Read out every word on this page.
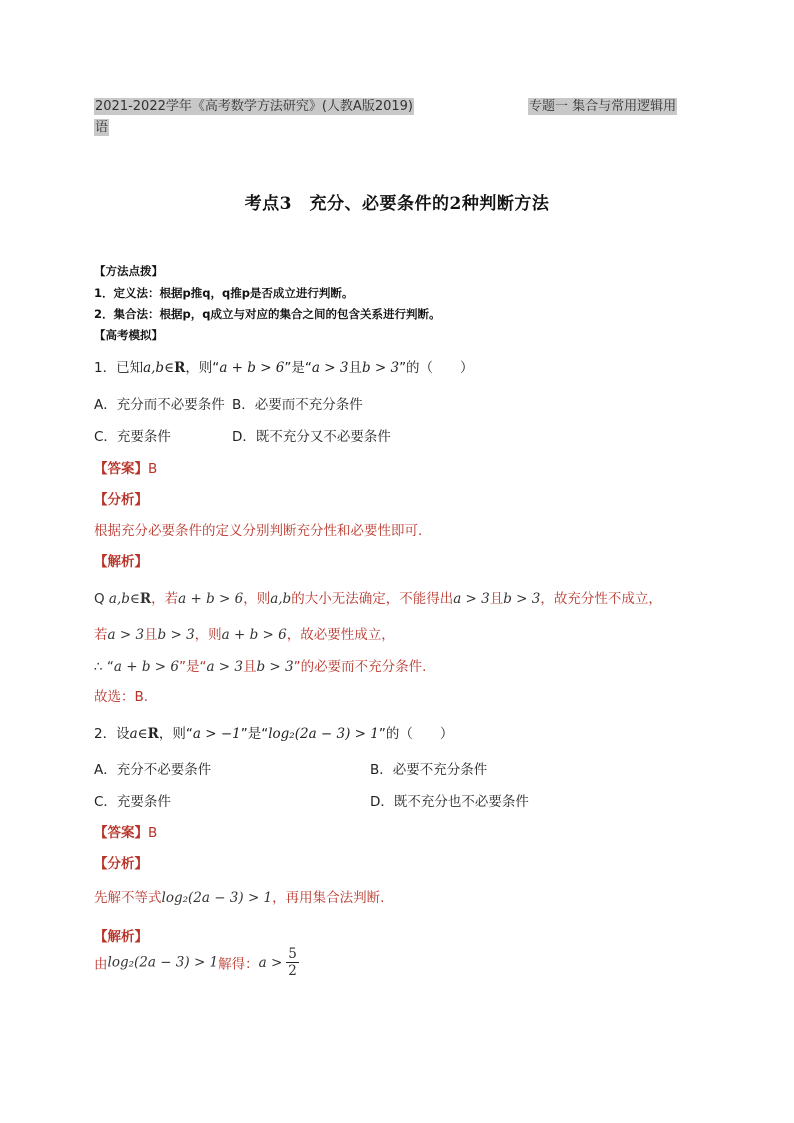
2021-2022学年《高考数学方法研究》(人教A版2019)	专题一 集合与常用逻辑用
语
考点3　充分、必要条件的2种判断方法
【方法点拨】
1．定义法：根据p推q，q推p是否成立进行判断。
2．集合法：根据p，q成立与对应的集合之间的包含关系进行判断。
【高考模拟】
1．已知a,b∈R，则“a + b > 6”是“a > 3且b > 3”的（　　）
A．充分而不必要条件 B．必要而不充分条件
C．充要条件	D．既不充分又不必要条件
【答案】B
【分析】
根据充分必要条件的定义分别判断充分性和必要性即可.
【解析】
Q a,b∈R，若a + b > 6，则a,b的大小无法确定，不能得出a > 3且b > 3，故充分性不成立，
若a > 3且b > 3，则a + b > 6，故必要性成立，
∴ “a + b > 6”是“a > 3且b > 3”的必要而不充分条件.
故选：B.
2．设a∈R，则“a > −1”是“log₂(2a − 3) > 1”的（　　）
A．充分不必要条件	B．必要不充分条件
C．充要条件	D．既不充分也不必要条件
【答案】B
【分析】
先解不等式log₂(2a − 3) > 1，再用集合法判断.
【解析】
由log₂(2a − 3) > 1解得：$a > \frac{5}{2}$
